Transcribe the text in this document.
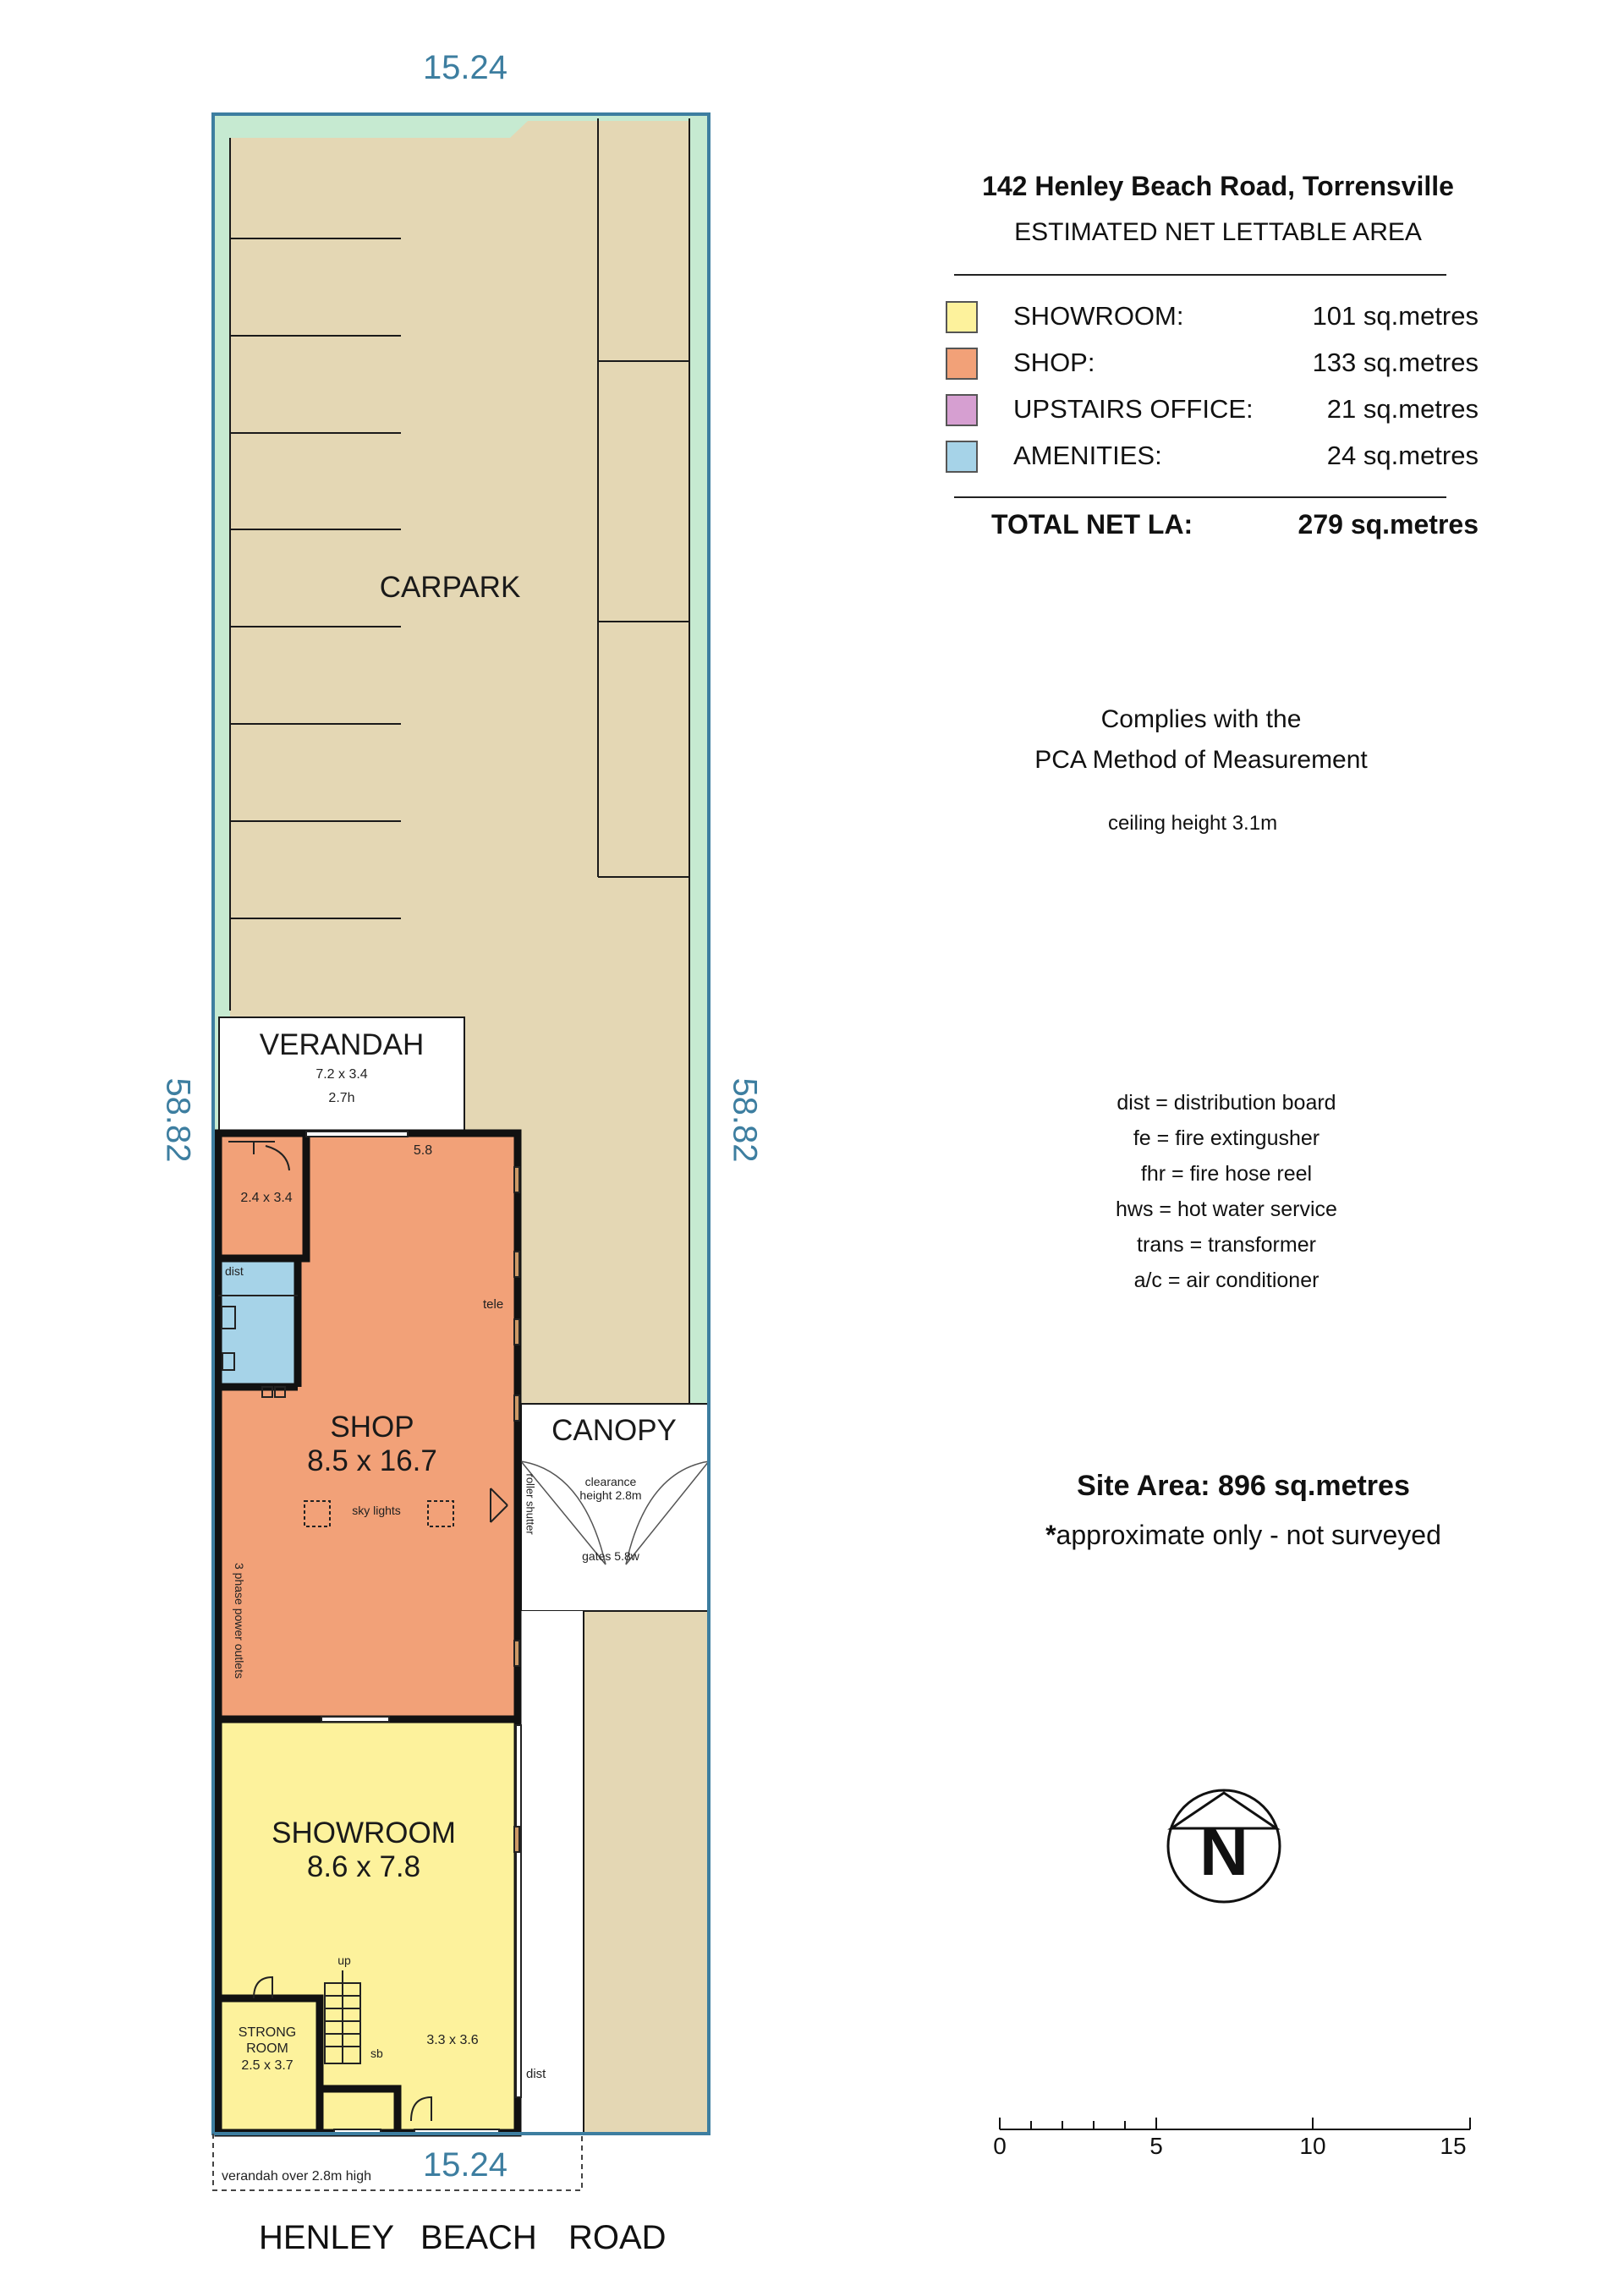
15.24
15.24
58.82	58.82
CARPARK
VERANDAH
7.2 x 3.4
2.7h
5.8
2.4 x 3.4
dist
tele
SHOP
8.5 x 16.7
sky lights
3 phase power outlets
CANOPY
clearance
height 2.8m
gates 5.8w
roller shutter
SHOWROOM
8.6 x 7.8
up
STRONG
ROOM
2.5 x 3.7
sb
3.3 x 3.6
dist
verandah over 2.8m high
HENLEY BEACH ROAD
142 Henley Beach Road, Torrensville
ESTIMATED NET LETTABLE AREA
SHOWROOM:	101 sq.metres
SHOP:	133 sq.metres
UPSTAIRS OFFICE:	21 sq.metres
AMENITIES:	24 sq.metres
TOTAL NET LA:	279 sq.metres
Complies with the
PCA Method of Measurement
ceiling height 3.1m
dist = distribution board
fe = fire extingusher
fhr = fire hose reel
hws = hot water service
trans = transformer
a/c = air conditioner
Site Area: 896 sq.metres
*approximate only - not surveyed
N
0	5	10	15
